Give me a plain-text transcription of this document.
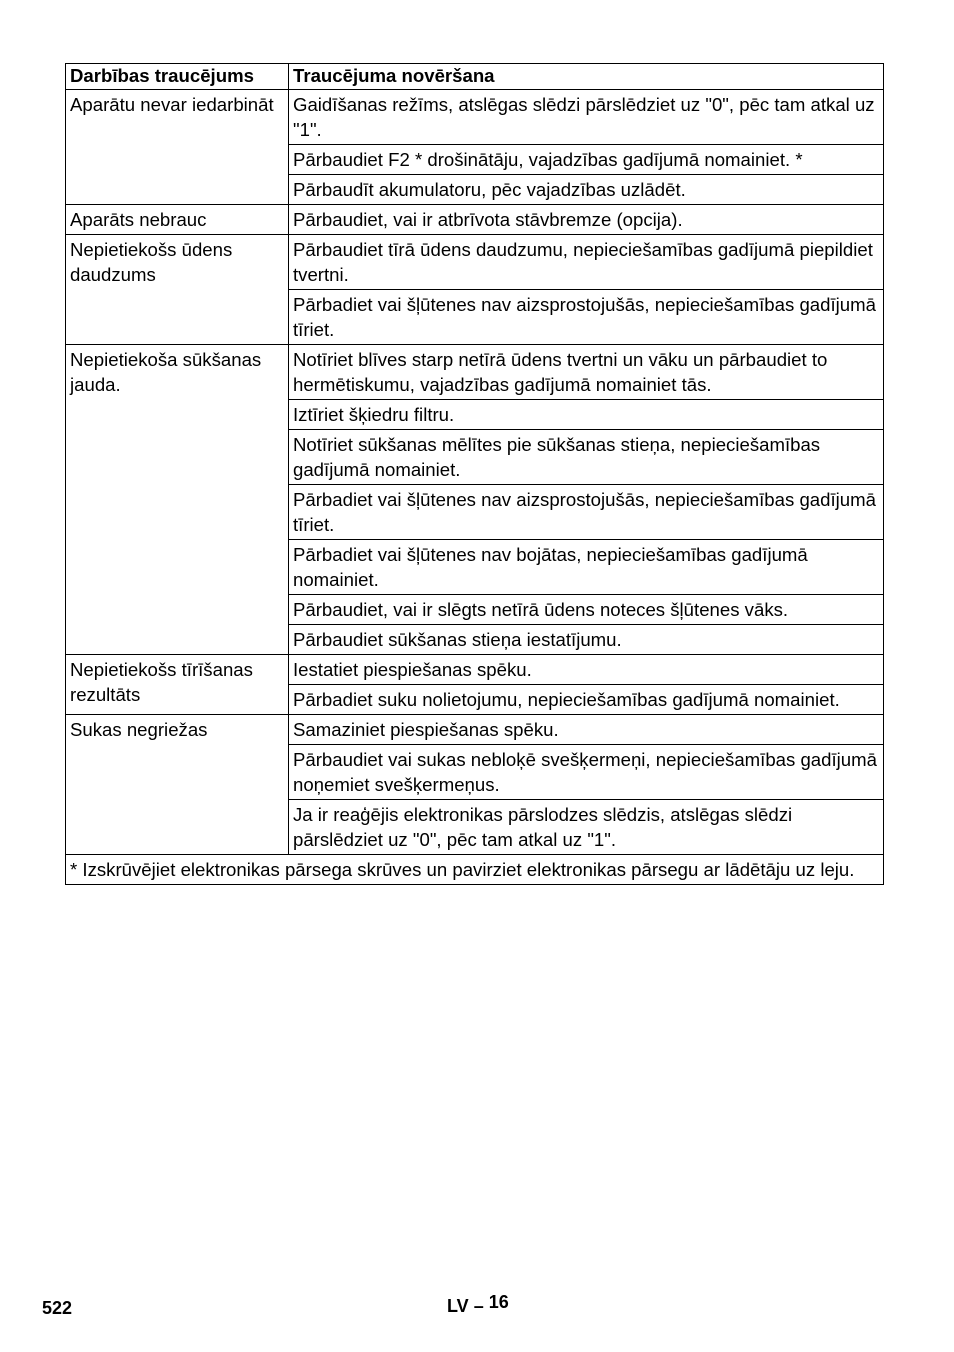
Darbības traucējums	Traucējuma novēršana
Aparātu nevar iedarbināt	Gaidīšanas režīms, atslēgas slēdzi pārslēdziet uz "0", pēc tam atkal uz "1".
	Pārbaudiet F2 * drošinātāju, vajadzības gadījumā nomainiet. *
	Pārbaudīt akumulatoru, pēc vajadzības uzlādēt.
Aparāts nebrauc	Pārbaudiet, vai ir atbrīvota stāvbremze (opcija).
Nepietiekošs ūdens daudzums	Pārbaudiet tīrā ūdens daudzumu, nepieciešamības gadījumā piepildiet tvertni.
	Pārbadiet vai šļūtenes nav aizsprostojušās, nepieciešamības gadījumā tīriet.
Nepietiekoša sūkšanas jauda.	Notīriet blīves starp netīrā ūdens tvertni un vāku un pārbaudiet to hermētiskumu, vajadzības gadījumā nomainiet tās.
	Iztīriet šķiedru filtru.
	Notīriet sūkšanas mēlītes pie sūkšanas stieņa, nepieciešamības gadījumā nomainiet.
	Pārbadiet vai šļūtenes nav aizsprostojušās, nepieciešamības gadījumā tīriet.
	Pārbadiet vai šļūtenes nav bojātas, nepieciešamības gadījumā nomainiet.
	Pārbaudiet, vai ir slēgts netīrā ūdens noteces šļūtenes vāks.
	Pārbaudiet sūkšanas stieņa iestatījumu.
Nepietiekošs tīrīšanas rezultāts	Iestatiet piespiešanas spēku.
	Pārbadiet suku nolietojumu, nepieciešamības gadījumā nomainiet.
Sukas negriežas	Samaziniet piespiešanas spēku.
	Pārbaudiet vai sukas nebloķē svešķermeņi, nepieciešamības gadījumā noņemiet svešķermeņus.
	Ja ir reaģējis elektronikas pārslodzes slēdzis, atslēgas slēdzi pārslēdziet uz "0", pēc tam atkal uz "1".
* Izskrūvējiet elektronikas pārsega skrūves un pavirziet elektronikas pārsegu ar lādētāju uz leju.	
522	LV – 16
